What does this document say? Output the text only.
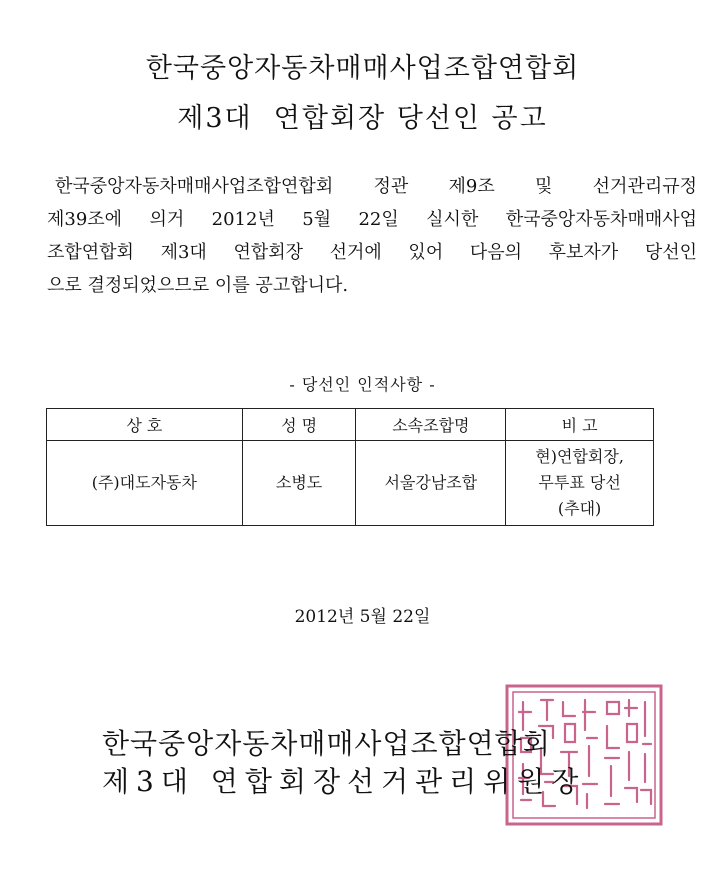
한국중앙자동차매매사업조합연합회
제3대  연합회장 당선인 공고
한국중앙자동차매매사업조합연합회 정관 제9조 및 선거관리규정
제39조에 의거 2012년 5월 22일 실시한 한국중앙자동차매매사업
조합연합회 제3대 연합회장 선거에 있어 다음의 후보자가 당선인
으로 결정되었으므로 이를 공고합니다.
- 당선인 인적사항 -
상 호	성 명	소속조합명	비 고
(주)대도자동차	소병도	서울강남조합	현)연합회장,
무투표 당선
(추대)
2012년 5월 22일
한국중앙자동차매매사업조합연합회
제3대 연합회장선거관리위원장
